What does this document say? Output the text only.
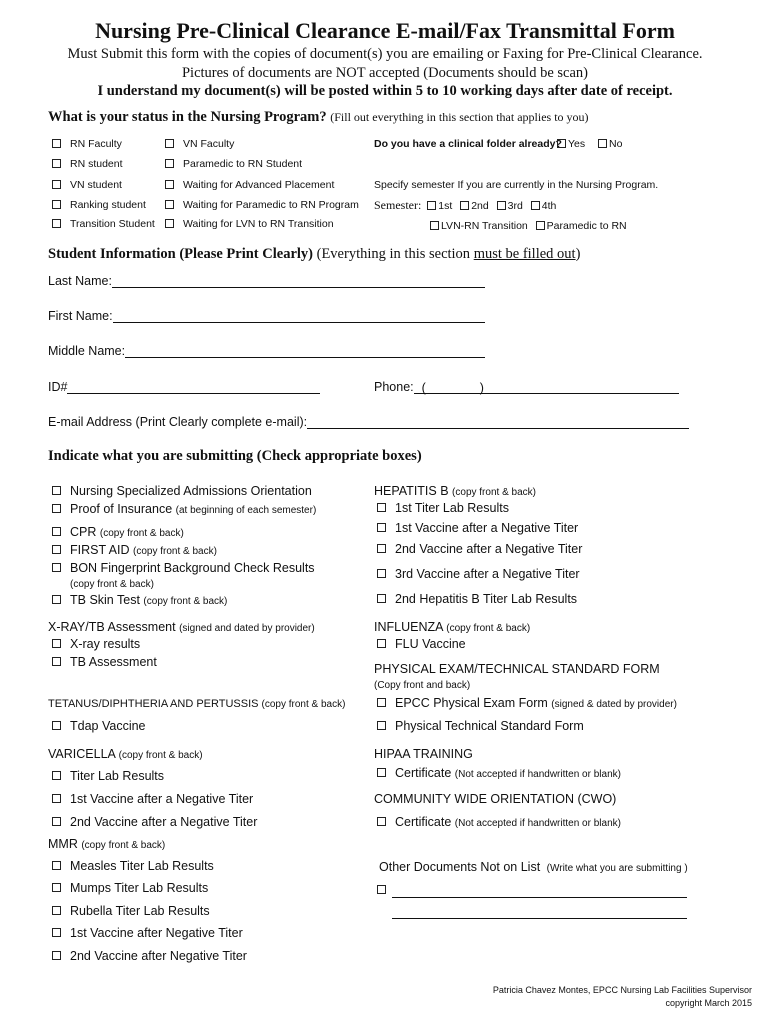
Nursing Pre-Clinical Clearance E-mail/Fax Transmittal Form
Must Submit this form with the copies of document(s) you are emailing or Faxing for Pre-Clinical Clearance.
Pictures of documents are NOT accepted (Documents should be scan)
I understand my document(s) will be posted within 5 to 10 working days after date of receipt.
What is your status in the Nursing Program? (Fill out everything in this section that applies to you)
RN Faculty
RN student
VN student
Ranking student
Transition Student
VN Faculty
Paramedic to RN Student
Waiting for Advanced Placement
Waiting for Paramedic to RN Program
Waiting for LVN to RN Transition
Do you have a clinical folder already? Yes	No
Specify semester If you are currently in the Nursing Program.
Semester: 1st 2nd 3rd 4th
LVN-RN Transition Paramedic to RN
Student Information (Please Print Clearly) (Everything in this section must be filled out)
Last Name:
First Name:
Middle Name:
ID#	Phone: (	)
E-mail Address (Print Clearly complete e-mail):
Indicate what you are submitting (Check appropriate boxes)
Nursing Specialized Admissions Orientation
Proof of Insurance (at beginning of each semester)
CPR (copy front & back)
FIRST AID (copy front & back)
BON Fingerprint Background Check Results
(copy front & back)
TB Skin Test (copy front & back)
X-RAY/TB Assessment (signed and dated by provider)
X-ray results
TB Assessment
TETANUS/DIPHTHERIA AND PERTUSSIS (copy front & back)
Tdap Vaccine
VARICELLA (copy front & back)
Titer Lab Results
1st Vaccine after a Negative Titer
2nd Vaccine after a Negative Titer
MMR (copy front & back)
Measles Titer Lab Results
Mumps Titer Lab Results
Rubella Titer Lab Results
1st Vaccine after Negative Titer
2nd Vaccine after Negative Titer
HEPATITIS B (copy front & back)
1st Titer Lab Results
1st Vaccine after a Negative Titer
2nd Vaccine after a Negative Titer
3rd Vaccine after a Negative Titer
2nd Hepatitis B Titer Lab Results
INFLUENZA (copy front & back)
FLU Vaccine
PHYSICAL EXAM/TECHNICAL STANDARD FORM
(Copy front and back)
EPCC Physical Exam Form (signed & dated by provider)
Physical Technical Standard Form
HIPAA TRAINING
Certificate (Not accepted if handwritten or blank)
COMMUNITY WIDE ORIENTATION (CWO)
Certificate (Not accepted if handwritten or blank)
Other Documents Not on List (Write what you are submitting )
Patricia Chavez Montes, EPCC Nursing Lab Facilities Supervisor
copyright March 2015
